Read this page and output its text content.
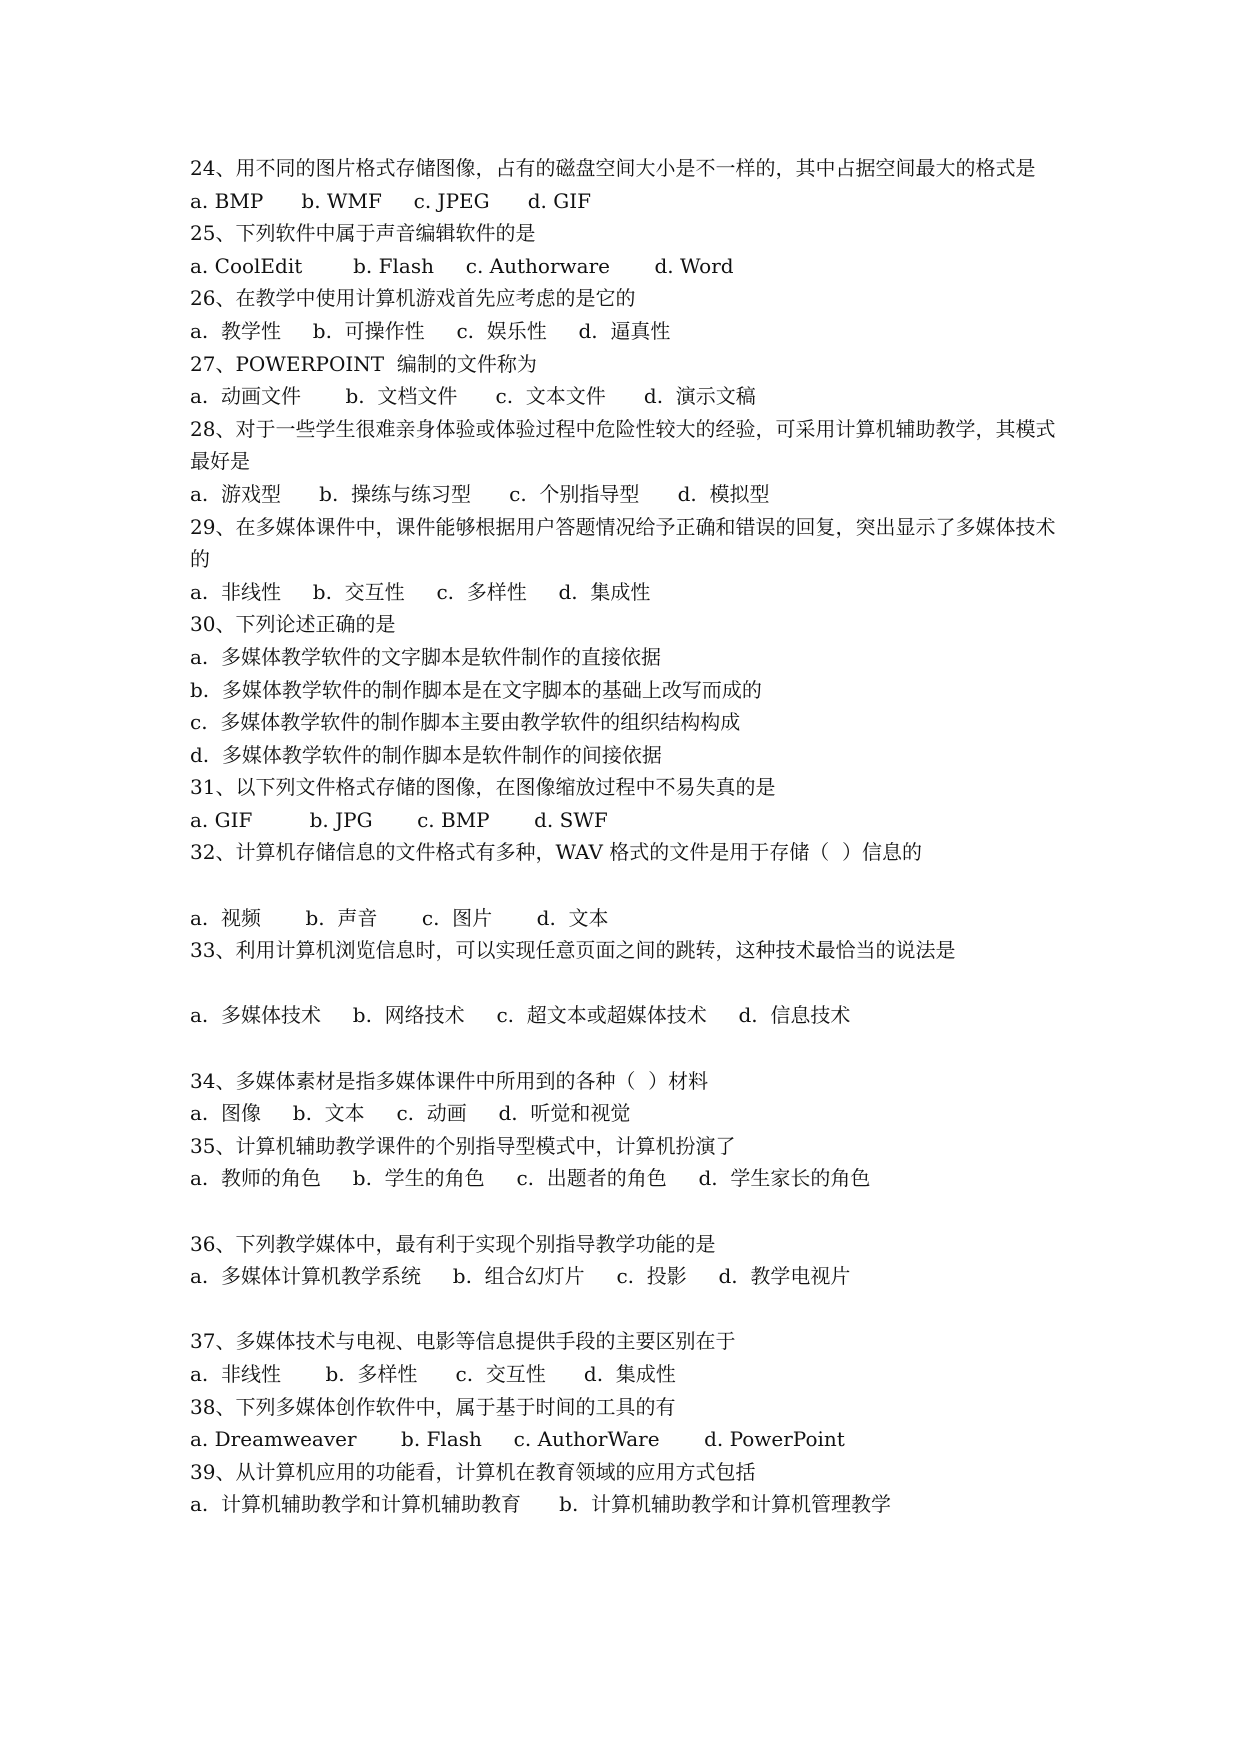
24、用不同的图片格式存储图像，占有的磁盘空间大小是不一样的，其中占据空间最大的格式是

a. BMP      b. WMF     c. JPEG      d. GIF

25、下列软件中属于声音编辑软件的是

a. CoolEdit        b. Flash     c. Authorware       d. Word

26、在教学中使用计算机游戏首先应考虑的是它的

a.  教学性     b.  可操作性     c.  娱乐性     d.  逼真性

27、POWERPOINT  编制的文件称为

a.  动画文件       b.  文档文件      c.  文本文件      d.  演示文稿

28、对于一些学生很难亲身体验或体验过程中危险性较大的经验，可采用计算机辅助教学，其模式最好是

a.  游戏型      b.  操练与练习型      c.  个别指导型      d.  模拟型

29、在多媒体课件中，课件能够根据用户答题情况给予正确和错误的回复，突出显示了多媒体技术的

a.  非线性     b.  交互性     c.  多样性     d.  集成性

30、下列论述正确的是

a.  多媒体教学软件的文字脚本是软件制作的直接依据

b.  多媒体教学软件的制作脚本是在文字脚本的基础上改写而成的

c.  多媒体教学软件的制作脚本主要由教学软件的组织结构构成

d.  多媒体教学软件的制作脚本是软件制作的间接依据

31、以下列文件格式存储的图像，在图像缩放过程中不易失真的是

a. GIF         b. JPG       c. BMP       d. SWF

32、计算机存储信息的文件格式有多种，WAV 格式的文件是用于存储（  ）信息的

a.  视频       b.  声音       c.  图片       d.  文本

33、利用计算机浏览信息时，可以实现任意页面之间的跳转，这种技术最恰当的说法是

a.  多媒体技术     b.  网络技术     c.  超文本或超媒体技术     d.  信息技术

34、多媒体素材是指多媒体课件中所用到的各种（  ）材料

a.  图像     b.  文本     c.  动画     d.  听觉和视觉

35、计算机辅助教学课件的个别指导型模式中，计算机扮演了

a.  教师的角色     b.  学生的角色     c.  出题者的角色     d.  学生家长的角色

36、下列教学媒体中，最有利于实现个别指导教学功能的是

a.  多媒体计算机教学系统     b.  组合幻灯片     c.  投影     d.  教学电视片

37、多媒体技术与电视、电影等信息提供手段的主要区别在于

a.  非线性       b.  多样性      c.  交互性      d.  集成性

38、下列多媒体创作软件中，属于基于时间的工具的有

a. Dreamweaver       b. Flash     c. AuthorWare       d. PowerPoint

39、从计算机应用的功能看，计算机在教育领域的应用方式包括

a.  计算机辅助教学和计算机辅助教育      b.  计算机辅助教学和计算机管理教学
